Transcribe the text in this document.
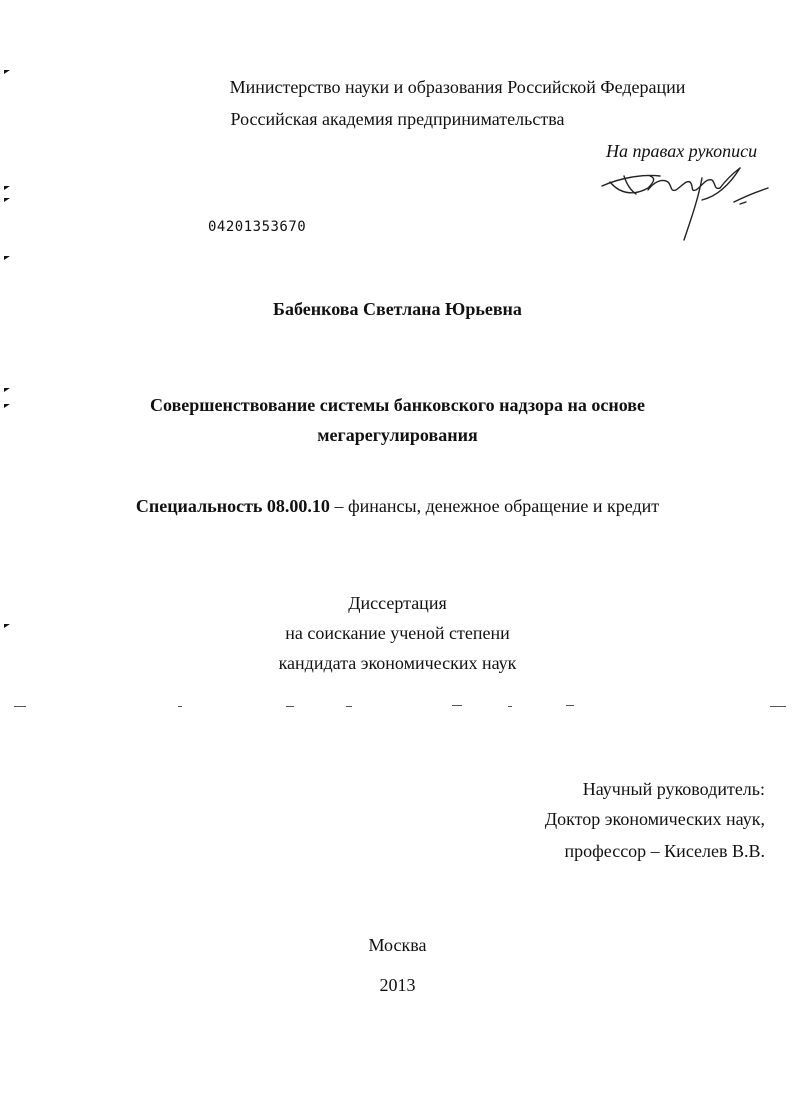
Министерство науки и образования Российской Федерации
Российская академия предпринимательства
На правах рукописи
04201353670
Бабенкова Светлана Юрьевна
Совершенствование системы банковского надзора на основе
мегарегулирования
Специальность 08.00.10 – финансы, денежное обращение и кредит
Диссертация
на соискание ученой степени
кандидата экономических наук
Научный руководитель:
Доктор экономических наук,
профессор – Киселев В.В.
Москва
2013
